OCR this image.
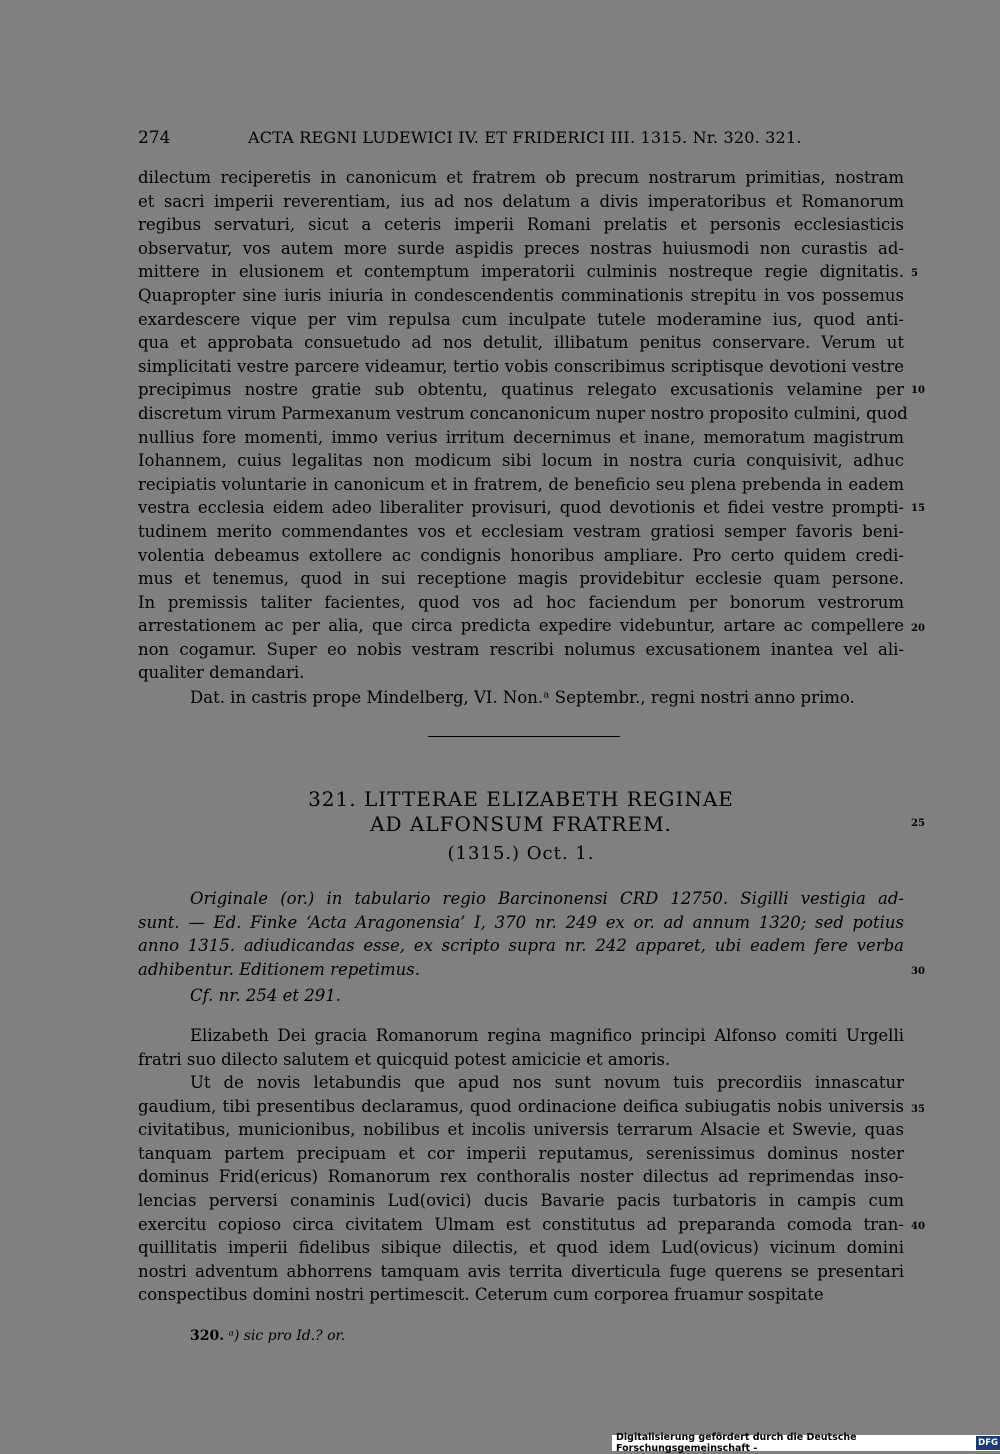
274	ACTA REGNI LUDEWICI IV. ET FRIDERICI III. 1315. Nr. 320. 321.
dilectum reciperetis in canonicum et fratrem ob precum nostrarum primitias, nostram
et sacri imperii reverentiam, ius ad nos delatum a divis imperatoribus et Romanorum
regibus servaturi, sicut a ceteris imperii Romani prelatis et personis ecclesiasticis
observatur, vos autem more surde aspidis preces nostras huiusmodi non curastis ad-
mittere in elusionem et contemptum imperatorii culminis nostreque regie dignitatis.
Quapropter sine iuris iniuria in condescendentis comminationis strepitu in vos possemus
exardescere vique per vim repulsa cum inculpate tutele moderamine ius, quod anti-
qua et approbata consuetudo ad nos detulit, illibatum penitus conservare. Verum ut
simplicitati vestre parcere videamur, tertio vobis conscribimus scriptisque devotioni vestre
precipimus nostre gratie sub obtentu, quatinus relegato excusationis velamine per
discretum virum Parmexanum vestrum concanonicum nuper nostro proposito culmini, quod
nullius fore momenti, immo verius irritum decernimus et inane, memoratum magistrum
Iohannem, cuius legalitas non modicum sibi locum in nostra curia conquisivit, adhuc
recipiatis voluntarie in canonicum et in fratrem, de beneficio seu plena prebenda in eadem
vestra ecclesia eidem adeo liberaliter provisuri, quod devotionis et fidei vestre prompti-
tudinem merito commendantes vos et ecclesiam vestram gratiosi semper favoris beni-
volentia debeamus extollere ac condignis honoribus ampliare. Pro certo quidem credi-
mus et tenemus, quod in sui receptione magis providebitur ecclesie quam persone.
In premissis taliter facientes, quod vos ad hoc faciendum per bonorum vestrorum
arrestationem ac per alia, que circa predicta expedire videbuntur, artare ac compellere
non cogamur. Super eo nobis vestram rescribi nolumus excusationem inantea vel ali-
qualiter demandari.
Dat. in castris prope Mindelberg, VI. Non.ᵃ Septembr., regni nostri anno primo.
321. LITTERAE ELIZABETH REGINAE
AD ALFONSUM FRATREM.
(1315.) Oct. 1.
Originale (or.) in tabulario regio Barcinonensi CRD 12750. Sigilli vestigia ad-
sunt. — Ed. Finke ‘Acta Aragonensia’ I, 370 nr. 249 ex or. ad annum 1320; sed potius
anno 1315. adiudicandas esse, ex scripto supra nr. 242 apparet, ubi eadem fere verba
adhibentur. Editionem repetimus.
Cf. nr. 254 et 291.
Elizabeth Dei gracia Romanorum regina magnifico principi Alfonso comiti Urgelli
fratri suo dilecto salutem et quicquid potest amicicie et amoris.
Ut de novis letabundis que apud nos sunt novum tuis precordiis innascatur
gaudium, tibi presentibus declaramus, quod ordinacione deifica subiugatis nobis universis
civitatibus, municionibus, nobilibus et incolis universis terrarum Alsacie et Swevie, quas
tanquam partem precipuam et cor imperii reputamus, serenissimus dominus noster
dominus Frid(ericus) Romanorum rex conthoralis noster dilectus ad reprimendas inso-
lencias perversi conaminis Lud(ovici) ducis Bavarie pacis turbatoris in campis cum
exercitu copioso circa civitatem Ulmam est constitutus ad preparanda comoda tran-
quillitatis imperii fidelibus sibique dilectis, et quod idem Lud(ovicus) vicinum domini
nostri adventum abhorrens tamquam avis territa diverticula fuge querens se presentari
conspectibus domini nostri pertimescit. Ceterum cum corporea fruamur sospitate
5
10
15
20
25
30
35
40
320. ᵃ) sic pro Id.? or.
Digitalisierung gefördert durch die Deutsche Forschungsgemeinschaft -	DFG
